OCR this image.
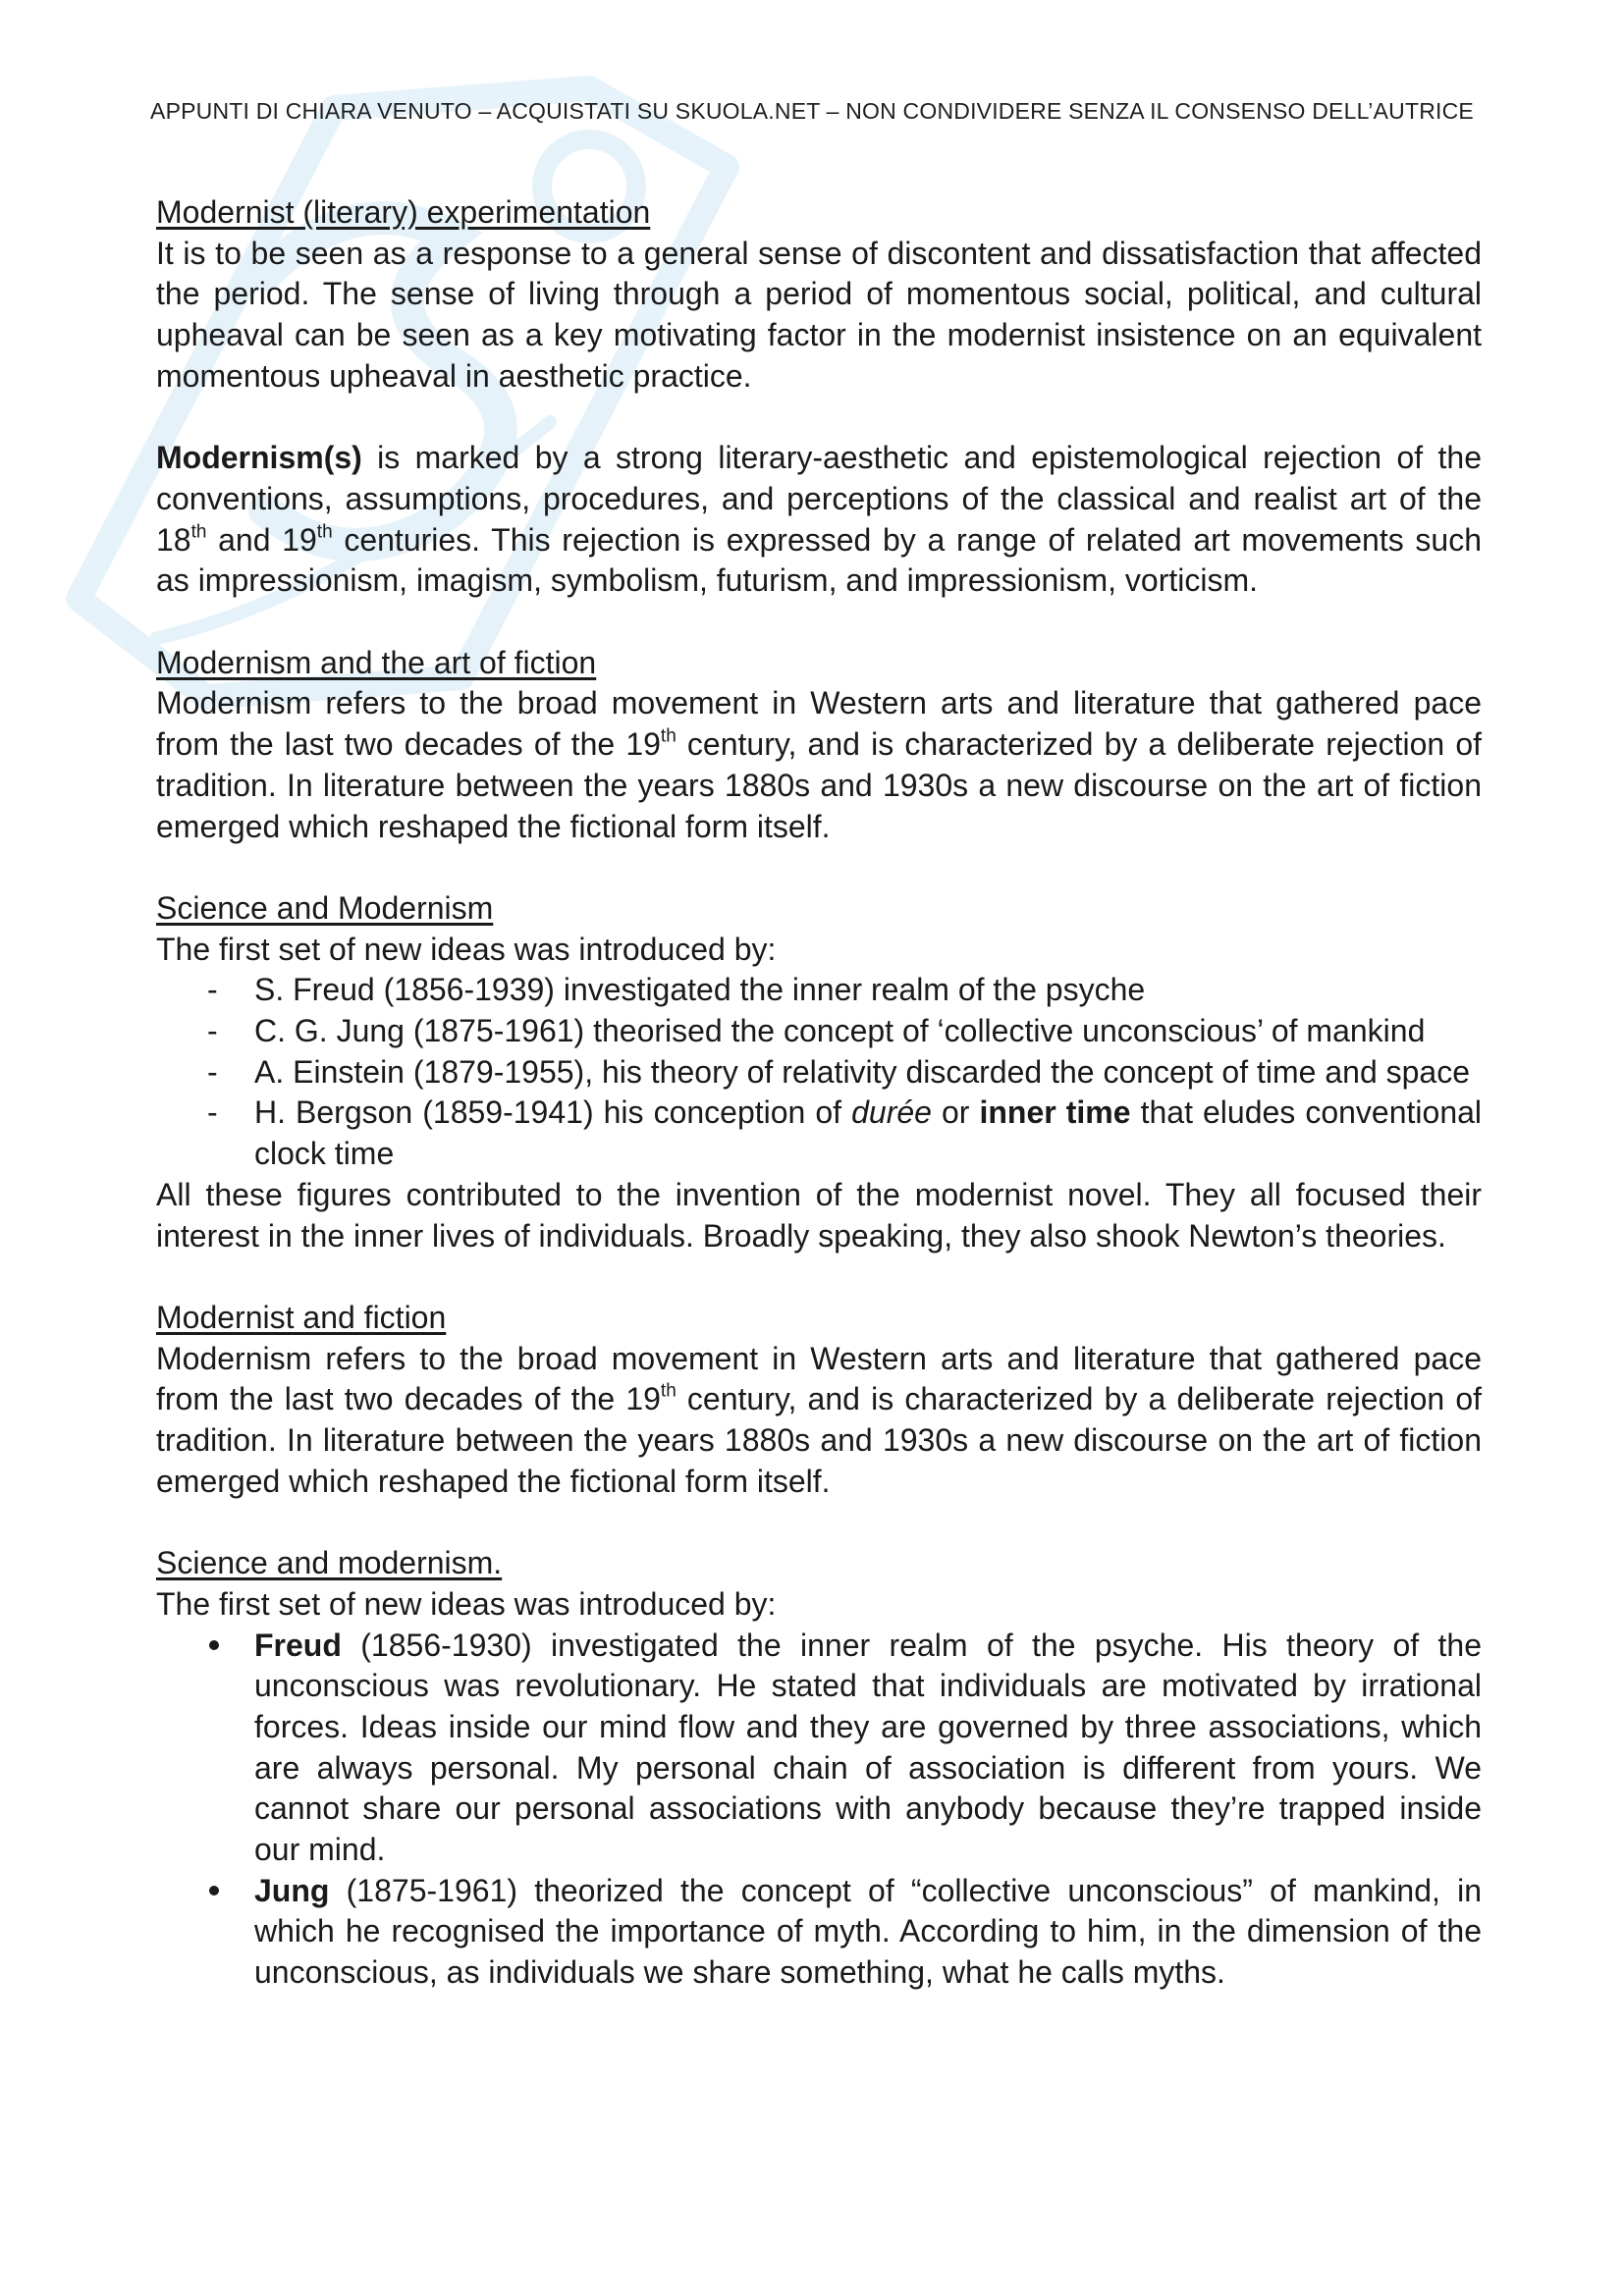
APPUNTI DI CHIARA VENUTO – ACQUISTATI SU SKUOLA.NET – NON CONDIVIDERE SENZA IL CONSENSO DELL’AUTRICE

Modernist (literary) experimentation

It is to be seen as a response to a general sense of discontent and dissatisfaction that affected the period. The sense of living through a period of momentous social, political, and cultural upheaval can be seen as a key motivating factor in the modernist insistence on an equivalent momentous upheaval in aesthetic practice.

Modernism(s) is marked by a strong literary-aesthetic and epistemological rejection of the conventions, assumptions, procedures, and perceptions of the classical and realist art of the 18th and 19th centuries. This rejection is expressed by a range of related art movements such as impressionism, imagism, symbolism, futurism, and impressionism, vorticism.

Modernism and the art of fiction

Modernism refers to the broad movement in Western arts and literature that gathered pace from the last two decades of the 19th century, and is characterized by a deliberate rejection of tradition. In literature between the years 1880s and 1930s a new discourse on the art of fiction emerged which reshaped the fictional form itself.

Science and Modernism

The first set of new ideas was introduced by:

- S. Freud (1856-1939) investigated the inner realm of the psyche
- C. G. Jung (1875-1961) theorised the concept of ‘collective unconscious’ of mankind
- A. Einstein (1879-1955), his theory of relativity discarded the concept of time and space
- H. Bergson (1859-1941) his conception of durée or inner time that eludes conventional clock time

All these figures contributed to the invention of the modernist novel. They all focused their interest in the inner lives of individuals. Broadly speaking, they also shook Newton’s theories.

Modernist and fiction

Modernism refers to the broad movement in Western arts and literature that gathered pace from the last two decades of the 19th century, and is characterized by a deliberate rejection of tradition. In literature between the years 1880s and 1930s a new discourse on the art of fiction emerged which reshaped the fictional form itself.

Science and modernism.

The first set of new ideas was introduced by:

Freud (1856-1930) investigated the inner realm of the psyche. His theory of the unconscious was revolutionary. He stated that individuals are motivated by irrational forces. Ideas inside our mind flow and they are governed by three associations, which are always personal. My personal chain of association is different from yours. We cannot share our personal associations with anybody because they’re trapped inside our mind.
Jung (1875-1961) theorized the concept of “collective unconscious” of mankind, in which he recognised the importance of myth. According to him, in the dimension of the unconscious, as individuals we share something, what he calls myths.
